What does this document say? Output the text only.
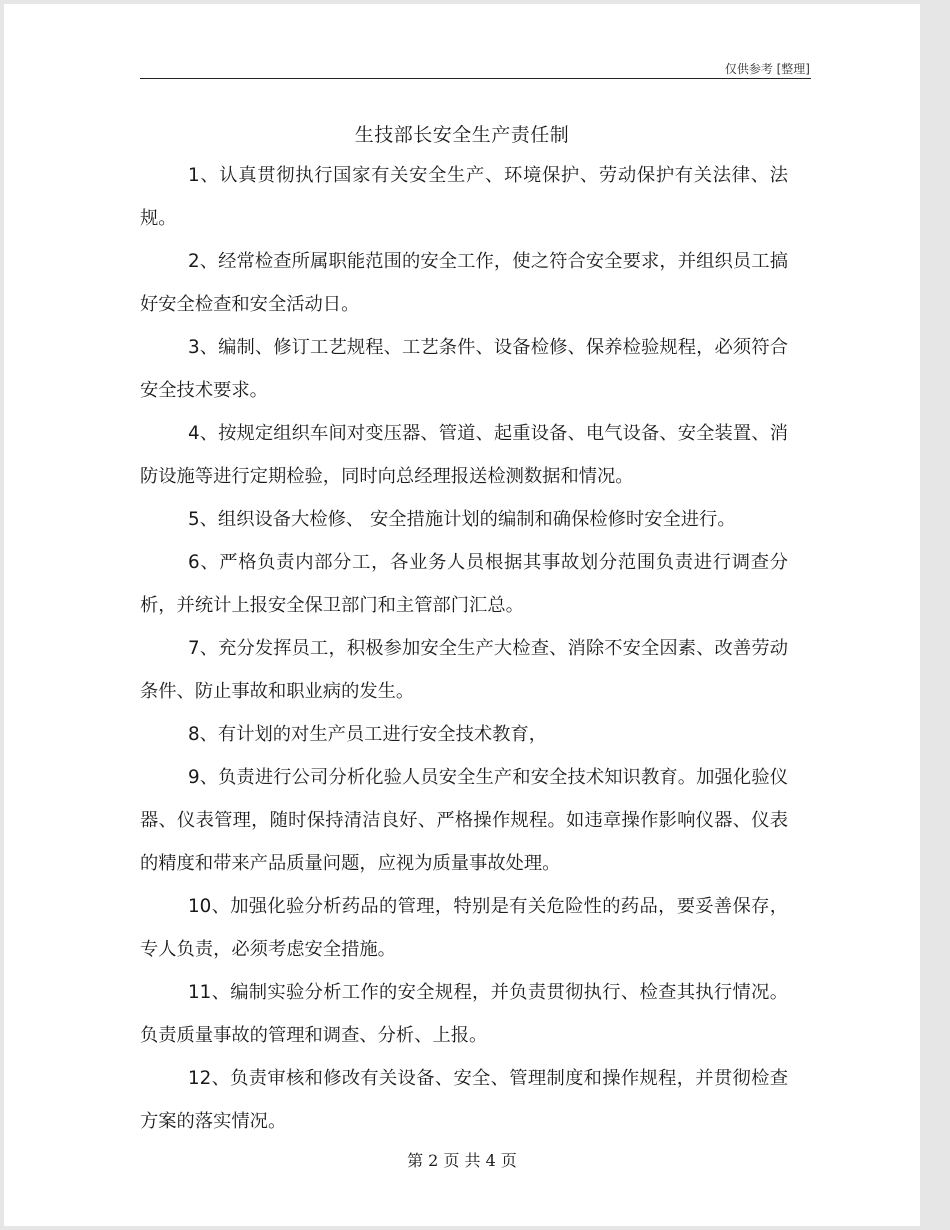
仅供参考 [整理]
生技部长安全生产责任制

1、认真贯彻执行国家有关安全生产、环境保护、劳动保护有关法律、法规。

2、经常检查所属职能范围的安全工作，使之符合安全要求，并组织员工搞好安全检查和安全活动日。

3、编制、修订工艺规程、工艺条件、设备检修、保养检验规程，必须符合安全技术要求。

4、按规定组织车间对变压器、管道、起重设备、电气设备、安全装置、消防设施等进行定期检验，同时向总经理报送检测数据和情况。

5、组织设备大检修、 安全措施计划的编制和确保检修时安全进行。

6、严格负责内部分工，各业务人员根据其事故划分范围负责进行调查分析，并统计上报安全保卫部门和主管部门汇总。

7、充分发挥员工，积极参加安全生产大检查、消除不安全因素、改善劳动条件、防止事故和职业病的发生。

8、有计划的对生产员工进行安全技术教育，

9、负责进行公司分析化验人员安全生产和安全技术知识教育。加强化验仪器、仪表管理，随时保持清洁良好、严格操作规程。如违章操作影响仪器、仪表的精度和带来产品质量问题，应视为质量事故处理。

10、加强化验分析药品的管理，特别是有关危险性的药品，要妥善保存，专人负责，必须考虑安全措施。

11、编制实验分析工作的安全规程，并负责贯彻执行、检查其执行情况。负责质量事故的管理和调查、分析、上报。

12、负责审核和修改有关设备、安全、管理制度和操作规程，并贯彻检查方案的落实情况。

第 2 页 共 4 页
